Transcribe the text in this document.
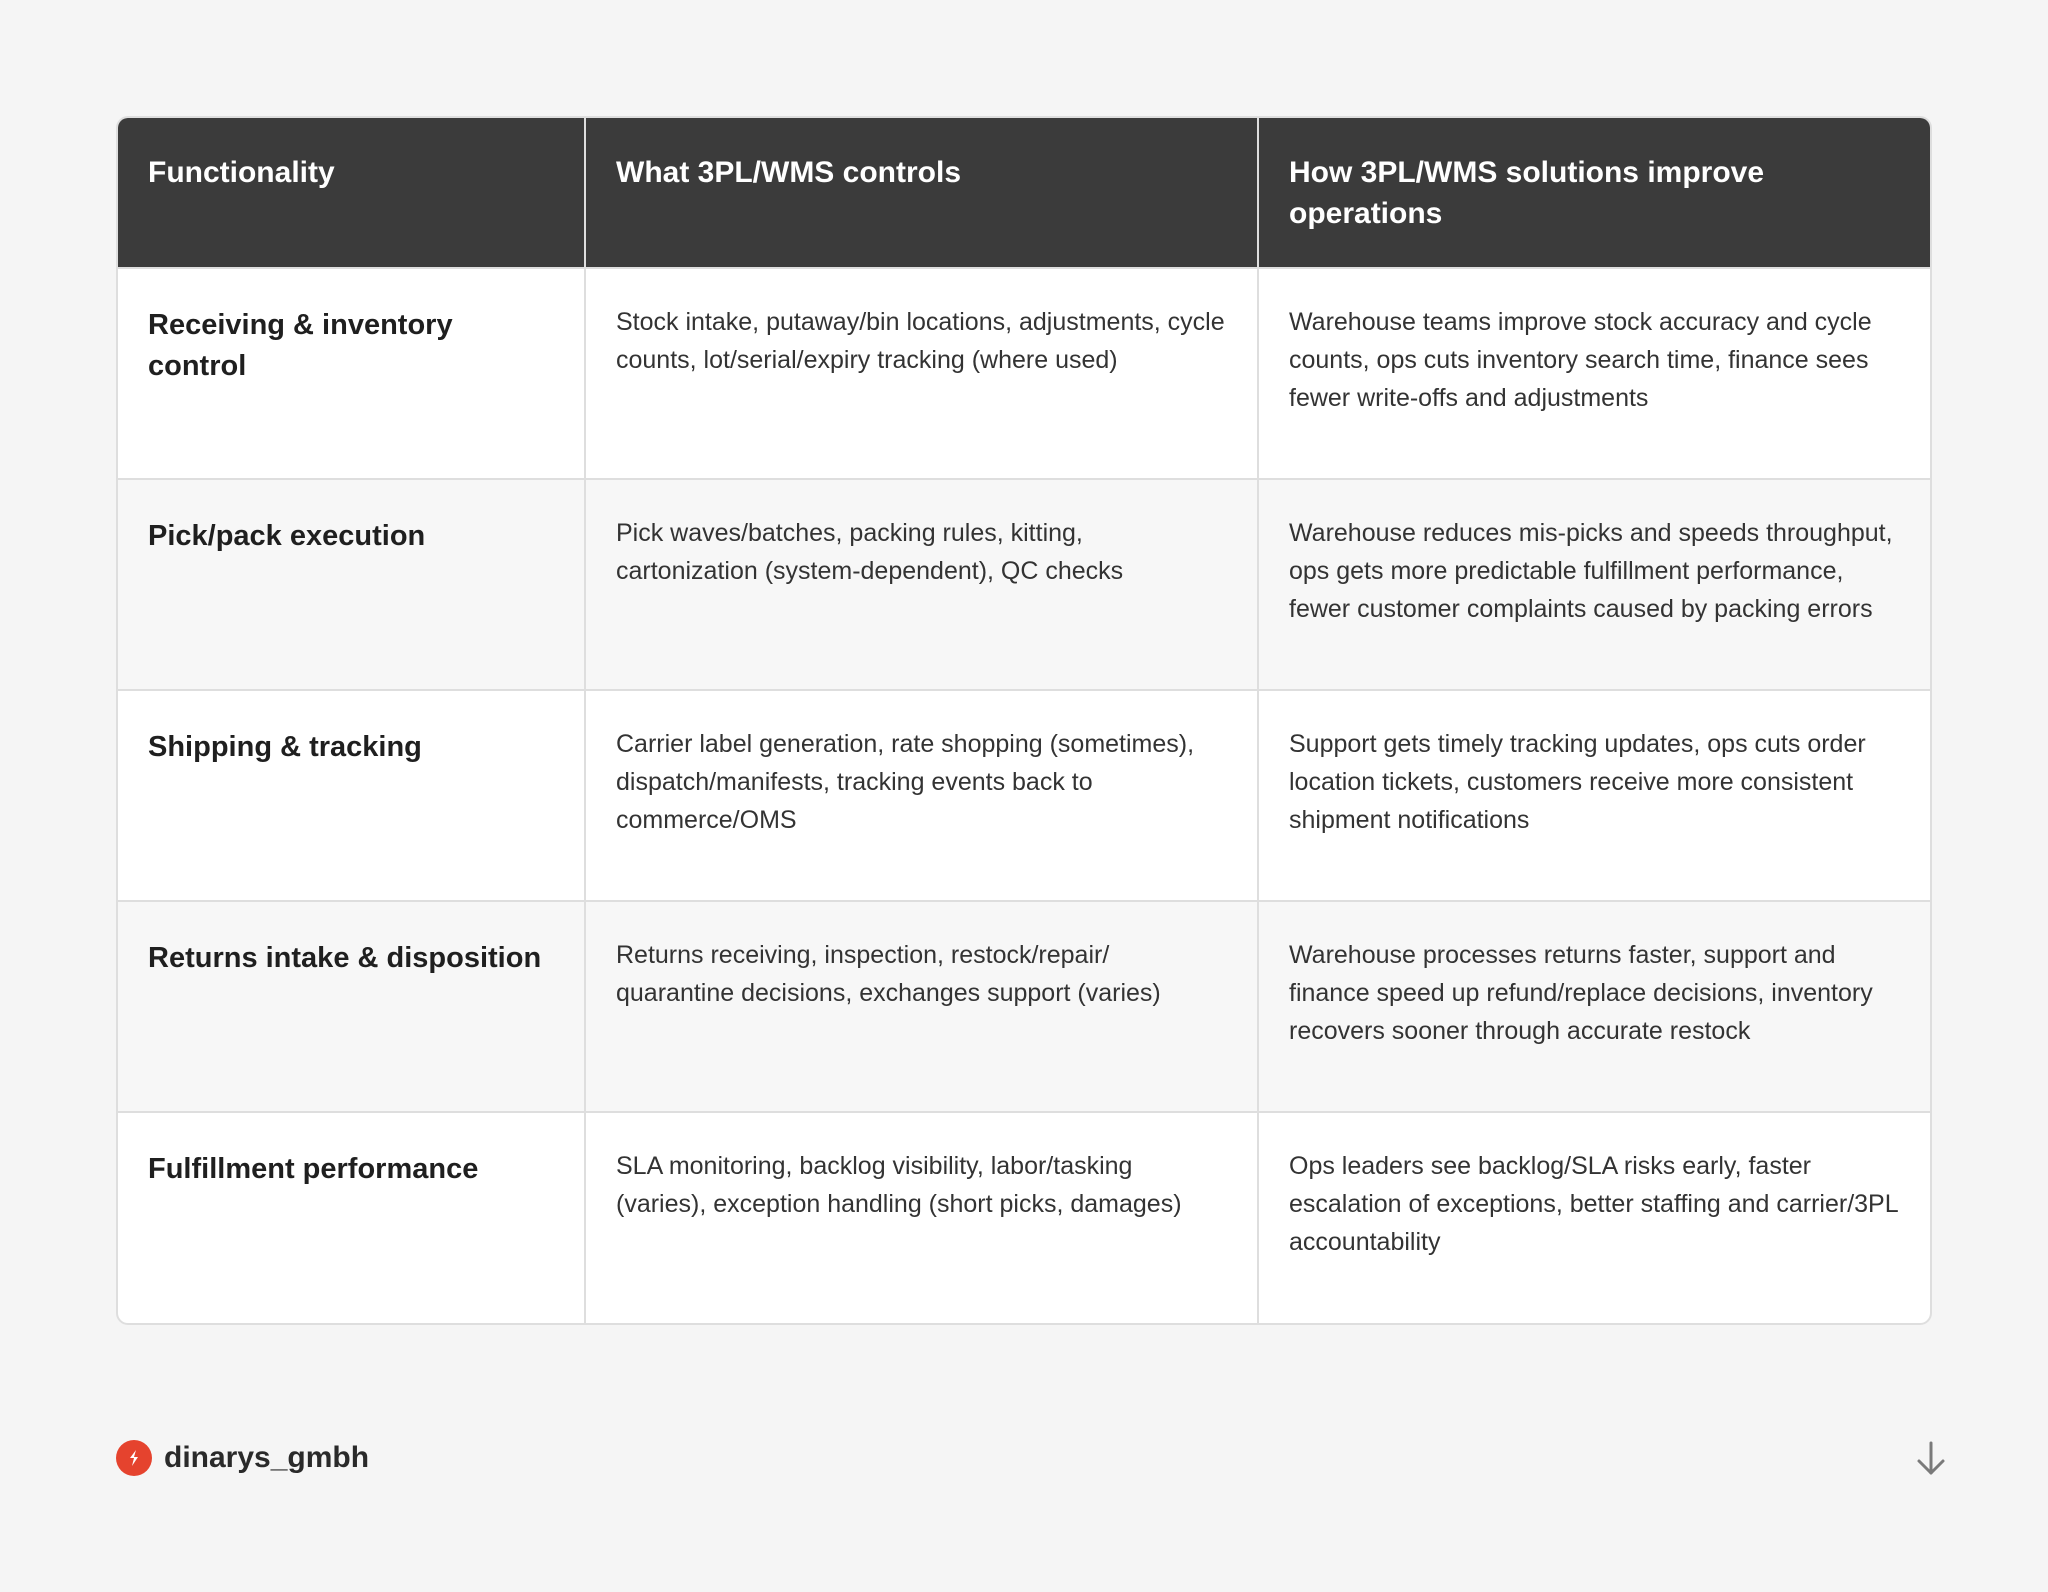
Functionality	What 3PL/WMS controls	How 3PL/WMS solutions improve operations
Receiving & inventory control	Stock intake, putaway/bin locations, adjustments, cycle counts, lot/serial/expiry tracking (where used)	Warehouse teams improve stock accuracy and cycle counts, ops cuts inventory search time, finance sees fewer write-offs and adjustments
Pick/pack execution	Pick waves/batches, packing rules, kitting, cartonization (system-dependent), QC checks	Warehouse reduces mis-picks and speeds throughput, ops gets more predictable fulfillment performance, fewer customer complaints caused by packing errors
Shipping & tracking	Carrier label generation, rate shopping (sometimes), dispatch/manifests, tracking events back to commerce/OMS	Support gets timely tracking updates, ops cuts order location tickets, customers receive more consistent shipment notifications
Returns intake & disposition	Returns receiving, inspection, restock/repair/ quarantine decisions, exchanges support (varies)	Warehouse processes returns faster, support and finance speed up refund/replace decisions, inventory recovers sooner through accurate restock
Fulfillment performance	SLA monitoring, backlog visibility, labor/tasking (varies), exception handling (short picks, damages)	Ops leaders see backlog/SLA risks early, faster escalation of exceptions, better staffing and carrier/3PL accountability
dinarys_gmbh
